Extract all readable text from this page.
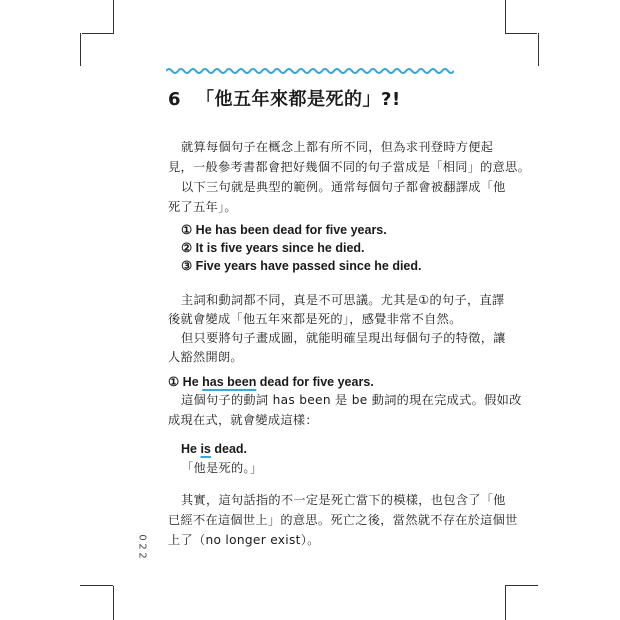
6 「他五年來都是死的」?!

就算每個句子在概念上都有所不同，但為求刊登時方便起

見，一般參考書都會把好幾個不同的句子當成是「相同」的意思。

以下三句就是典型的範例。通常每個句子都會被翻譯成「他

死了五年」。

① He has been dead for five years.

② It is five years since he died.

③ Five years have passed since he died.

主詞和動詞都不同，真是不可思議。尤其是①的句子，直譯

後就會變成「他五年來都是死的」，感覺非常不自然。

但只要將句子畫成圖，就能明確呈現出每個句子的特徵，讓

人豁然開朗。

① He has been dead for five years.

這個句子的動詞 has been 是 be 動詞的現在完成式。假如改

成現在式，就會變成這樣：

He is dead.

「他是死的。」

其實，這句話指的不一定是死亡當下的模樣，也包含了「他

已經不在這個世上」的意思。死亡之後，當然就不存在於這個世

上了（no longer exist）。

0
2
2
